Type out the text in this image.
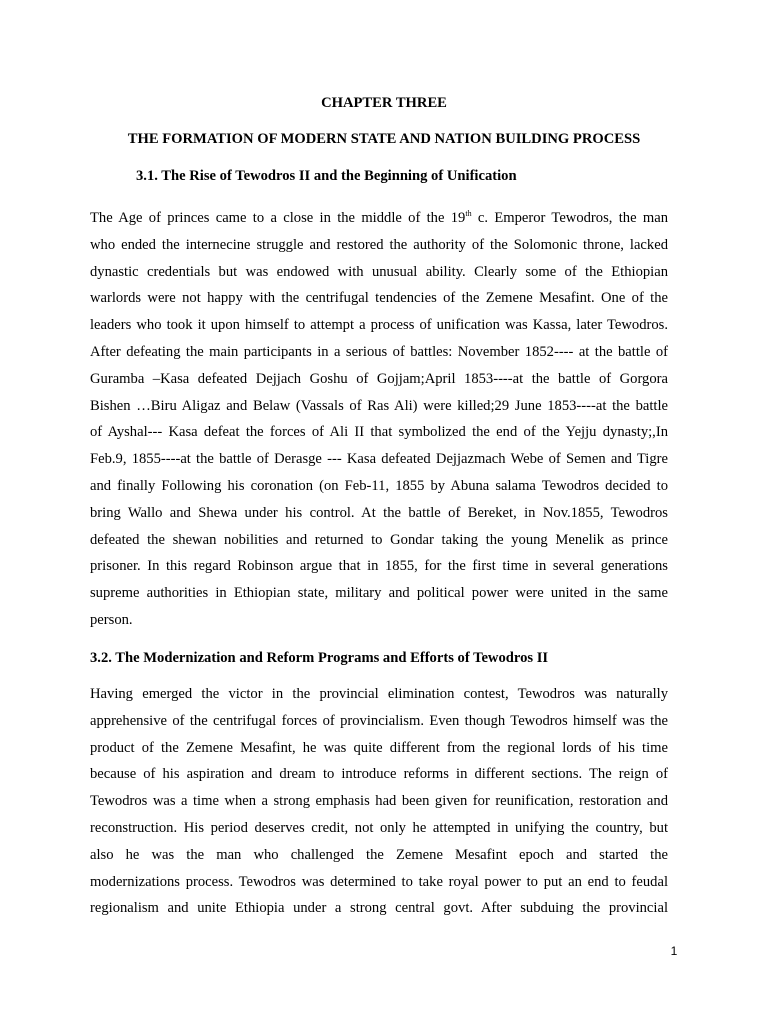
CHAPTER THREE
THE FORMATION OF MODERN STATE AND NATION BUILDING PROCESS
3.1. The Rise of Tewodros II and the Beginning of Unification
The Age of princes came to a close in the middle of the 19th c. Emperor Tewodros, the man
who ended the internecine struggle and restored the authority of the Solomonic throne, lacked
dynastic credentials but was endowed with unusual ability. Clearly some of the Ethiopian
warlords were not happy with the centrifugal tendencies of the Zemene Mesafint. One of the
leaders who took it upon himself to attempt a process of unification was Kassa, later Tewodros.
After defeating the main participants in a serious of battles: November 1852---- at the battle of
Guramba –Kasa defeated Dejjach Goshu of Gojjam;April 1853----at the battle of Gorgora
Bishen …Biru Aligaz and Belaw (Vassals of Ras Ali) were killed;29 June 1853----at the battle
of Ayshal--- Kasa defeat the forces of Ali II that symbolized the end of the Yejju dynasty;,In
Feb.9, 1855----at the battle of Derasge --- Kasa defeated Dejjazmach Webe of Semen and Tigre
and finally Following his coronation (on Feb-11, 1855 by Abuna salama Tewodros decided to
bring Wallo and Shewa under his control. At the battle of Bereket, in Nov.1855, Tewodros
defeated the shewan nobilities and returned to Gondar taking the young Menelik as prince
prisoner. In this regard Robinson argue that in 1855, for the first time in several generations
supreme authorities in Ethiopian state, military and political power were united in the same
person.
3.2. The Modernization and Reform Programs and Efforts of Tewodros II
Having emerged the victor in the provincial elimination contest, Tewodros was naturally
apprehensive of the centrifugal forces of provincialism. Even though Tewodros himself was the
product of the Zemene Mesafint, he was quite different from the regional lords of his time
because of his aspiration and dream to introduce reforms in different sections. The reign of
Tewodros was a time when a strong emphasis had been given for reunification, restoration and
reconstruction. His period deserves credit, not only he attempted in unifying the country, but
also he was the man who challenged the Zemene Mesafint epoch and started the
modernizations process. Tewodros was determined to take royal power to put an end to feudal
regionalism and unite Ethiopia under a strong central govt. After subduing the provincial
1
